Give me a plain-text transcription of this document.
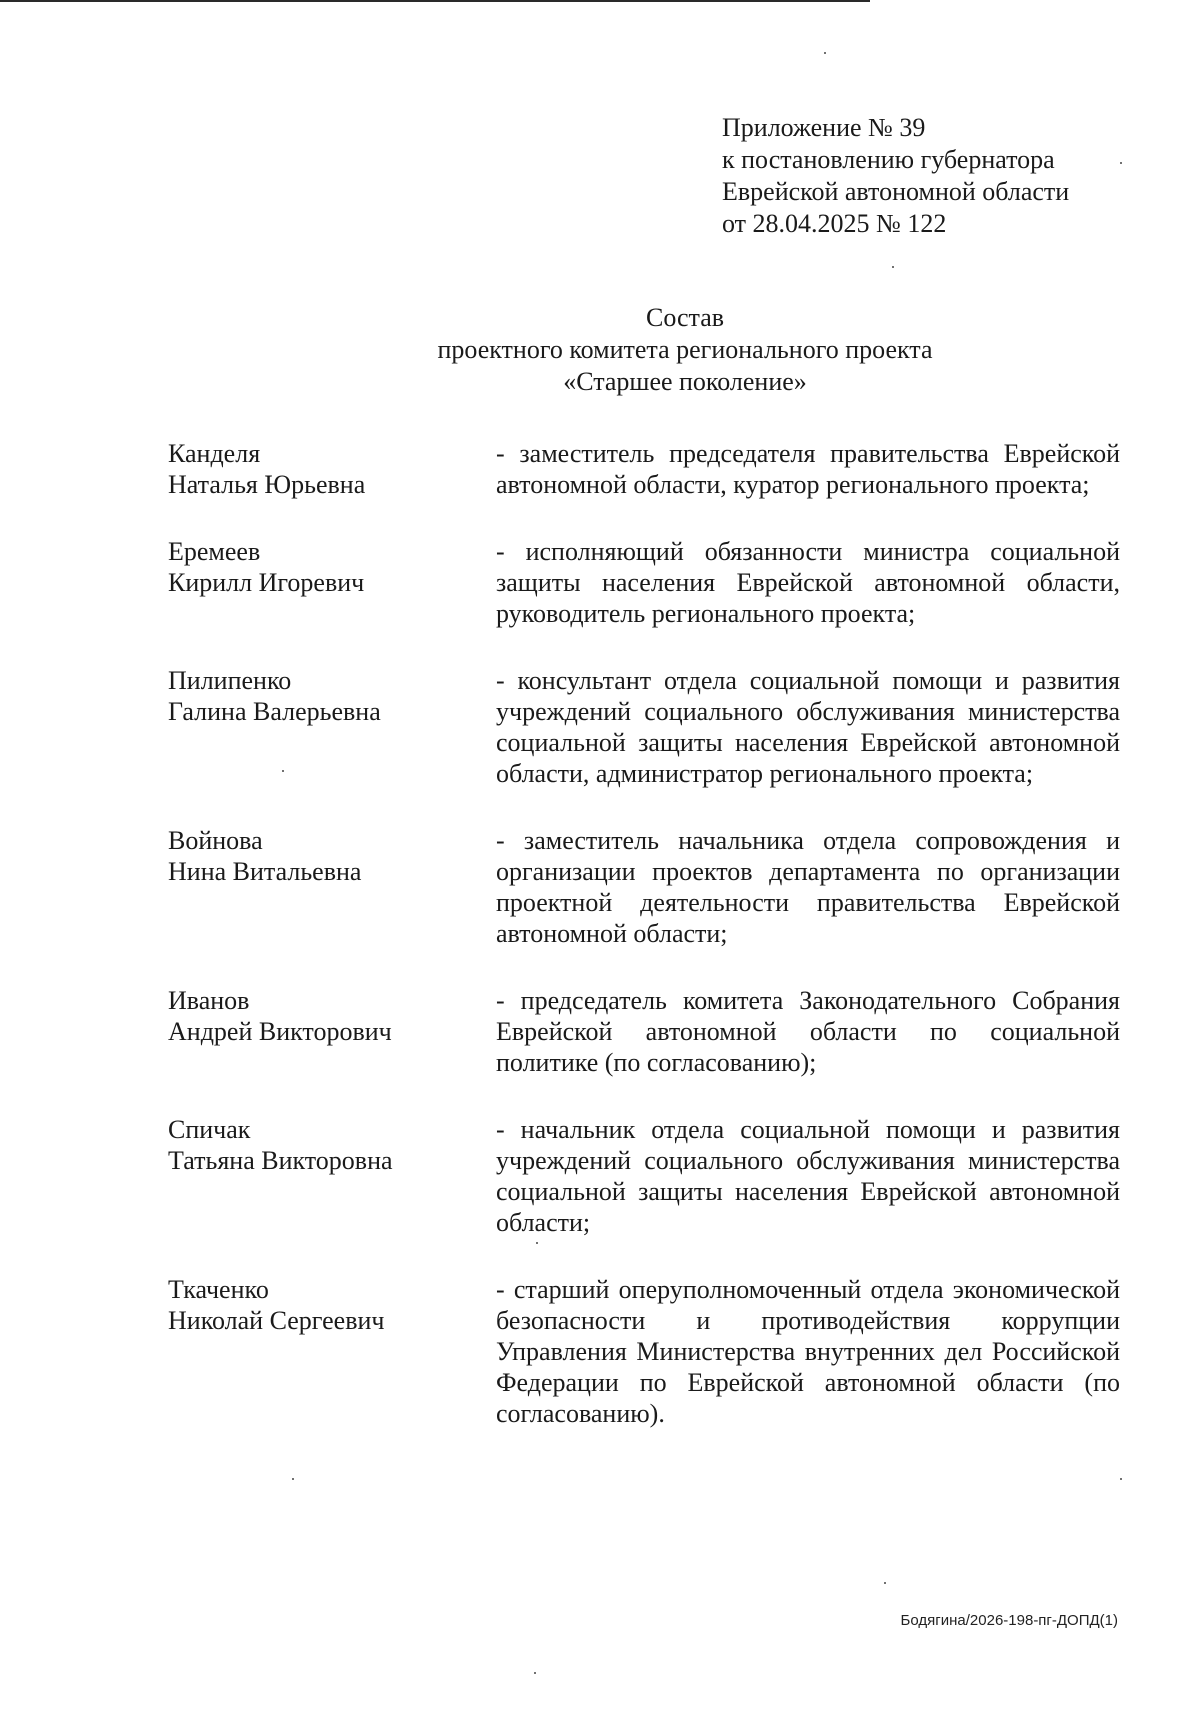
Приложение № 39
к постановлению губернатора
Еврейской автономной области
от 28.04.2025 № 122
Состав
проектного комитета регионального проекта
«Старшее поколение»
Канделя
Наталья Юрьевна
- заместитель председателя правительства Еврейской автономной области, куратор регионального проекта;
Еремеев
Кирилл Игоревич
- исполняющий обязанности министра социальной защиты населения Еврейской автономной области, руководитель регионального проекта;
Пилипенко
Галина Валерьевна
- консультант отдела социальной помощи и развития учреждений социального обслуживания министерства социальной защиты населения Еврейской автономной области, администратор регионального проекта;
Войнова
Нина Витальевна
- заместитель начальника отдела сопровождения и организации проектов департамента по организации проектной деятельности правительства Еврейской автономной области;
Иванов
Андрей Викторович
- председатель комитета Законодательного Собрания Еврейской автономной области по социальной политике (по согласованию);
Спичак
Татьяна Викторовна
- начальник отдела социальной помощи и развития учреждений социального обслуживания министерства социальной защиты населения Еврейской автономной области;
Ткаченко
Николай Сергеевич
- старший оперуполномоченный отдела экономической безопасности и противодействия коррупции Управления Министерства внутренних дел Российской Федерации по Еврейской автономной области (по согласованию).
Бодягина/2026-198-пг-ДОПД(1)
